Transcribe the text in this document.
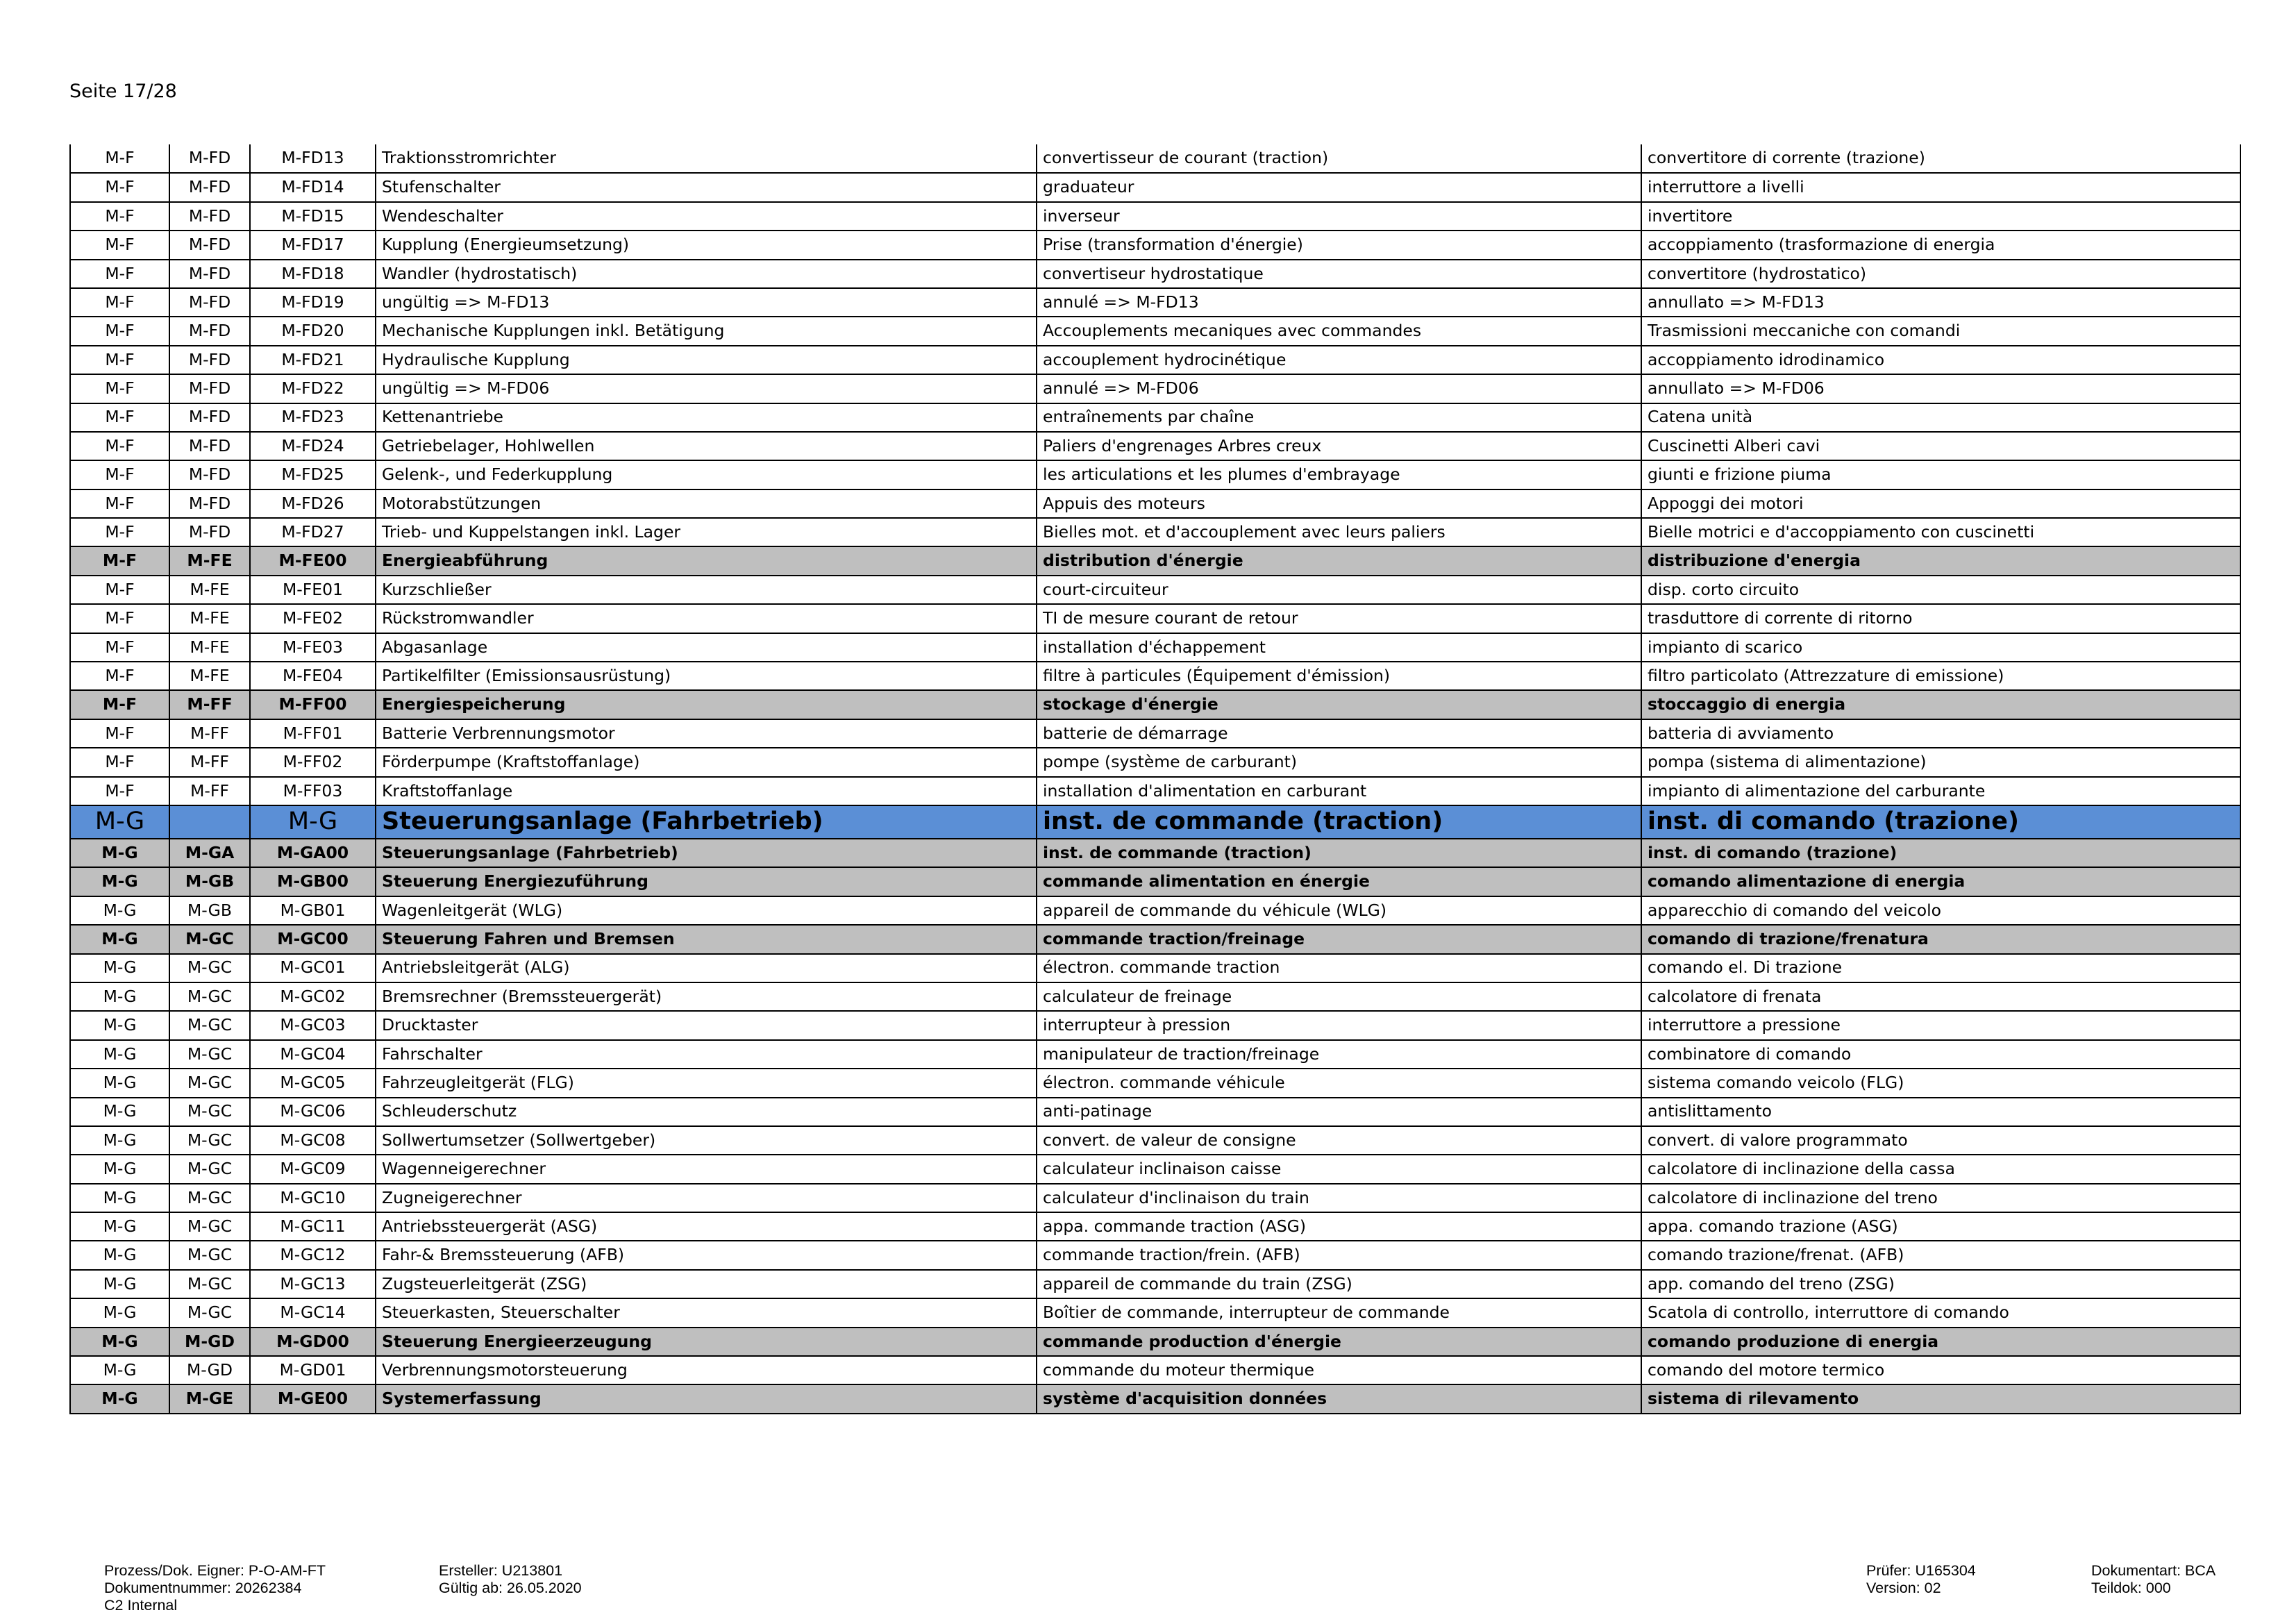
Seite 17/28
M-F	M-FD	M-FD13	Traktionsstromrichter	convertisseur de courant (traction)	convertitore di corrente (trazione)
M-F	M-FD	M-FD14	Stufenschalter	graduateur	interruttore a livelli
M-F	M-FD	M-FD15	Wendeschalter	inverseur	invertitore
M-F	M-FD	M-FD17	Kupplung (Energieumsetzung)	Prise (transformation d'énergie)	accoppiamento (trasformazione di energia
M-F	M-FD	M-FD18	Wandler (hydrostatisch)	convertiseur hydrostatique	convertitore (hydrostatico)
M-F	M-FD	M-FD19	ungültig => M-FD13	annulé => M-FD13	annullato => M-FD13
M-F	M-FD	M-FD20	Mechanische Kupplungen inkl. Betätigung	Accouplements mecaniques avec commandes	Trasmissioni meccaniche con comandi
M-F	M-FD	M-FD21	Hydraulische Kupplung	accouplement hydrocinétique	accoppiamento idrodinamico
M-F	M-FD	M-FD22	ungültig => M-FD06	annulé => M-FD06	annullato => M-FD06
M-F	M-FD	M-FD23	Kettenantriebe	entraînements par chaîne	Catena unità
M-F	M-FD	M-FD24	Getriebelager, Hohlwellen	Paliers d'engrenages Arbres creux	Cuscinetti Alberi cavi
M-F	M-FD	M-FD25	Gelenk-, und Federkupplung	les articulations et les plumes d'embrayage	giunti e frizione piuma
M-F	M-FD	M-FD26	Motorabstützungen	Appuis des moteurs	Appoggi dei motori
M-F	M-FD	M-FD27	Trieb- und Kuppelstangen inkl. Lager	Bielles mot. et d'accouplement avec leurs paliers	Bielle motrici e d'accoppiamento con cuscinetti
M-F	M-FE	M-FE00	Energieabführung	distribution d'énergie	distribuzione d'energia
M-F	M-FE	M-FE01	Kurzschließer	court-circuiteur	disp. corto circuito
M-F	M-FE	M-FE02	Rückstromwandler	TI de mesure courant de retour	trasduttore di corrente di ritorno
M-F	M-FE	M-FE03	Abgasanlage	installation d'échappement	impianto di scarico
M-F	M-FE	M-FE04	Partikelfilter (Emissionsausrüstung)	filtre à particules (Équipement d'émission)	filtro particolato (Attrezzature di emissione)
M-F	M-FF	M-FF00	Energiespeicherung	stockage d'énergie	stoccaggio di energia
M-F	M-FF	M-FF01	Batterie Verbrennungsmotor	batterie de démarrage	batteria di avviamento
M-F	M-FF	M-FF02	Förderpumpe (Kraftstoffanlage)	pompe (système de carburant)	pompa (sistema di alimentazione)
M-F	M-FF	M-FF03	Kraftstoffanlage	installation d'alimentation en carburant	impianto di alimentazione del carburante
M-G		M-G	Steuerungsanlage (Fahrbetrieb)	inst. de commande (traction)	inst. di comando (trazione)
M-G	M-GA	M-GA00	Steuerungsanlage (Fahrbetrieb)	inst. de commande (traction)	inst. di comando (trazione)
M-G	M-GB	M-GB00	Steuerung Energiezuführung	commande alimentation en énergie	comando alimentazione di energia
M-G	M-GB	M-GB01	Wagenleitgerät (WLG)	appareil de commande du véhicule (WLG)	apparecchio di comando del veicolo
M-G	M-GC	M-GC00	Steuerung Fahren und Bremsen	commande traction/freinage	comando di trazione/frenatura
M-G	M-GC	M-GC01	Antriebsleitgerät (ALG)	électron. commande traction	comando el. Di trazione
M-G	M-GC	M-GC02	Bremsrechner (Bremssteuergerät)	calculateur de freinage	calcolatore di frenata
M-G	M-GC	M-GC03	Drucktaster	interrupteur à pression	interruttore a pressione
M-G	M-GC	M-GC04	Fahrschalter	manipulateur de traction/freinage	combinatore di comando
M-G	M-GC	M-GC05	Fahrzeugleitgerät (FLG)	électron. commande véhicule	sistema comando veicolo (FLG)
M-G	M-GC	M-GC06	Schleuderschutz	anti-patinage	antislittamento
M-G	M-GC	M-GC08	Sollwertumsetzer (Sollwertgeber)	convert. de valeur de consigne	convert. di valore programmato
M-G	M-GC	M-GC09	Wagenneigerechner	calculateur inclinaison caisse	calcolatore di inclinazione della cassa
M-G	M-GC	M-GC10	Zugneigerechner	calculateur d'inclinaison du train	calcolatore di inclinazione del treno
M-G	M-GC	M-GC11	Antriebssteuergerät (ASG)	appa. commande traction (ASG)	appa. comando trazione (ASG)
M-G	M-GC	M-GC12	Fahr-& Bremssteuerung (AFB)	commande traction/frein. (AFB)	comando trazione/frenat. (AFB)
M-G	M-GC	M-GC13	Zugsteuerleitgerät (ZSG)	appareil de commande du train (ZSG)	app. comando del treno (ZSG)
M-G	M-GC	M-GC14	Steuerkasten, Steuerschalter	Boîtier de commande, interrupteur de commande	Scatola di controllo, interruttore di comando
M-G	M-GD	M-GD00	Steuerung Energieerzeugung	commande production d'énergie	comando produzione di energia
M-G	M-GD	M-GD01	Verbrennungsmotorsteuerung	commande du moteur thermique	comando del motore termico
M-G	M-GE	M-GE00	Systemerfassung	système d'acquisition données	sistema di rilevamento
Prozess/Dok. Eigner: P-O-AM-FT
Dokumentnummer: 20262384
C2 Internal
Ersteller: U213801
Gültig ab: 26.05.2020
Prüfer: U165304
Version: 02
Dokumentart: BCA
Teildok: 000
